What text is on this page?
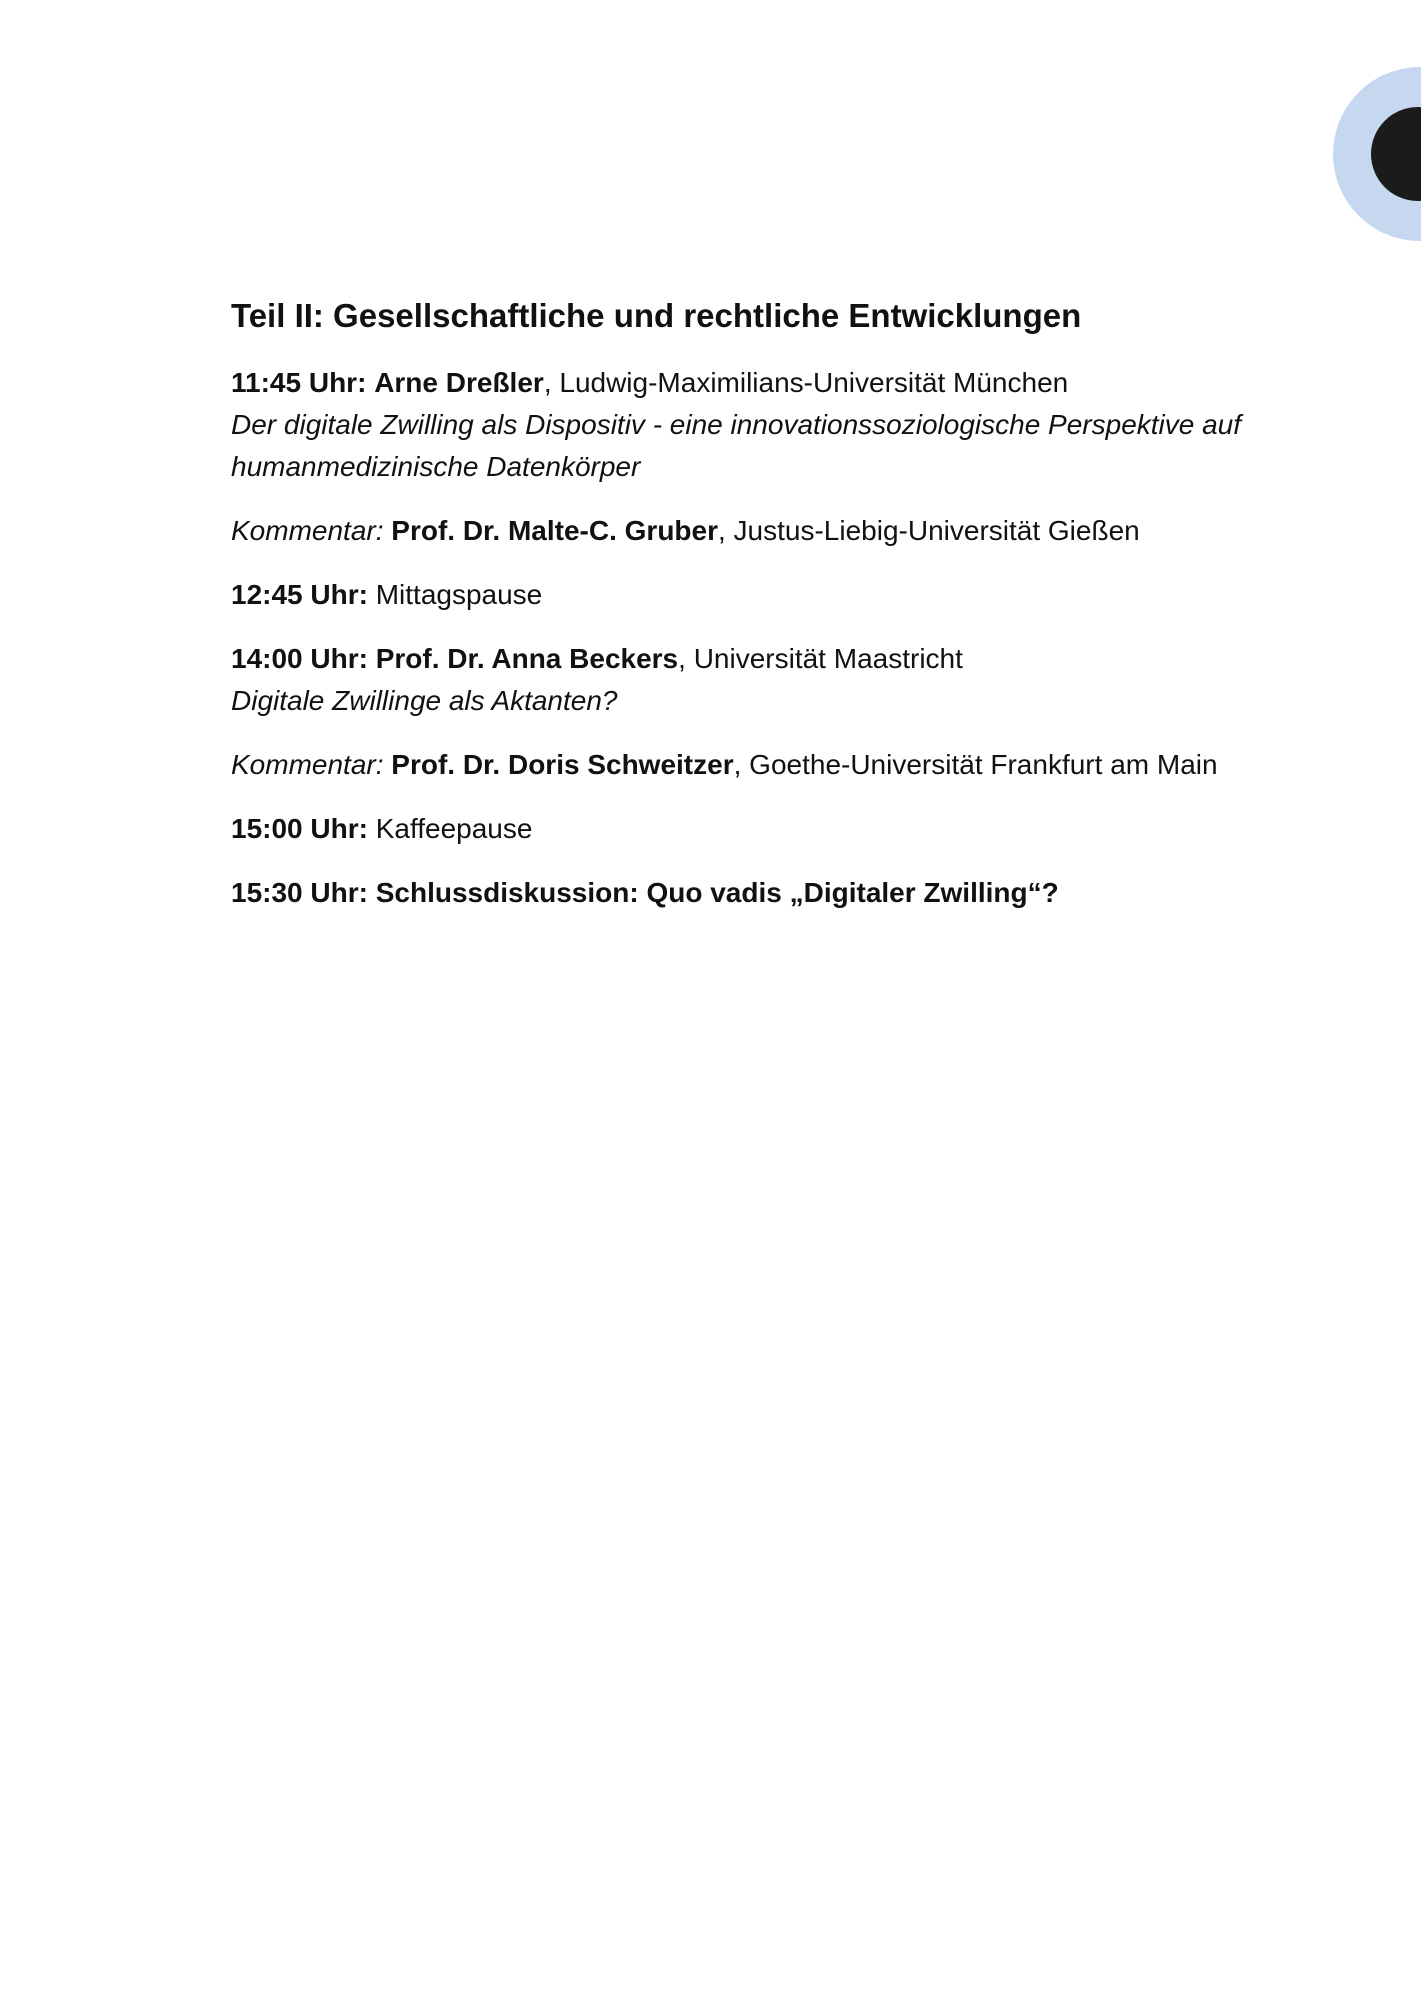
Teil II: Gesellschaftliche und rechtliche Entwicklungen
11:45 Uhr: Arne Dreßler, Ludwig-Maximilians-Universität München
Der digitale Zwilling als Dispositiv - eine innovationssoziologische Perspektive auf humanmedizinische Datenkörper
Kommentar: Prof. Dr. Malte-C. Gruber, Justus-Liebig-Universität Gießen
12:45 Uhr: Mittagspause
14:00 Uhr: Prof. Dr. Anna Beckers, Universität Maastricht
Digitale Zwillinge als Aktanten?
Kommentar: Prof. Dr. Doris Schweitzer, Goethe-Universität Frankfurt am Main
15:00 Uhr: Kaffeepause
15:30 Uhr: Schlussdiskussion: Quo vadis „Digitaler Zwilling“?
